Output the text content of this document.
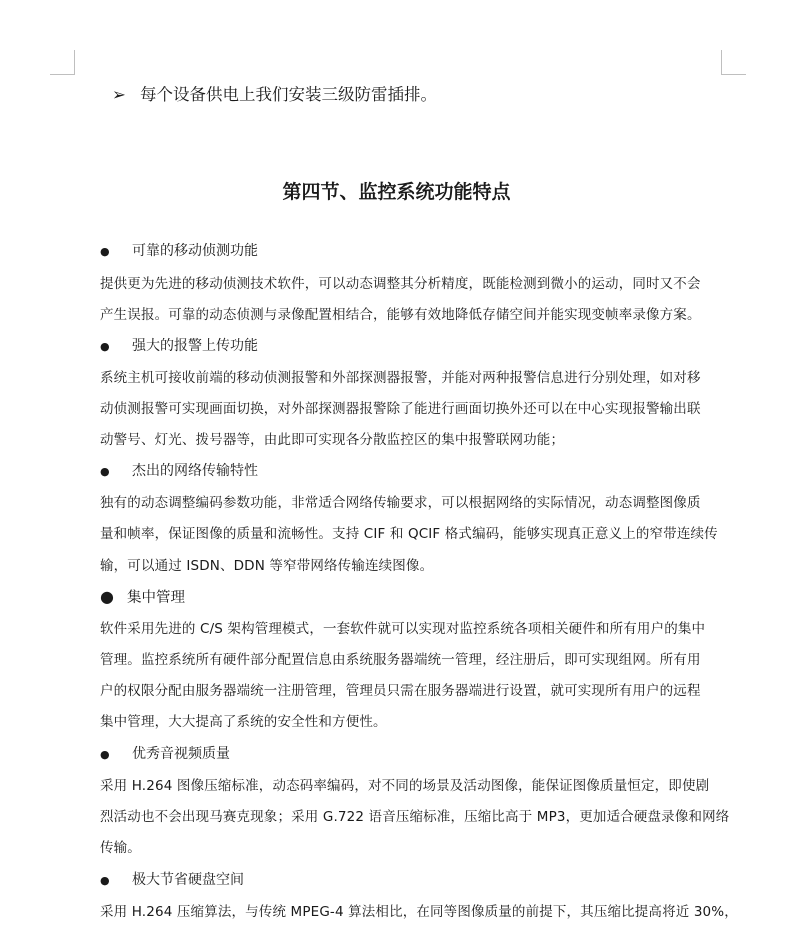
➢ 每个设备供电上我们安装三级防雷插排。
第四节、监控系统功能特点
● 可靠的移动侦测功能
提供更为先进的移动侦测技术软件，可以动态调整其分析精度，既能检测到微小的运动，同时又不会
产生误报。可靠的动态侦测与录像配置相结合，能够有效地降低存储空间并能实现变帧率录像方案。
● 强大的报警上传功能
系统主机可接收前端的移动侦测报警和外部探测器报警，并能对两种报警信息进行分别处理，如对移
动侦测报警可实现画面切换，对外部探测器报警除了能进行画面切换外还可以在中心实现报警输出联
动警号、灯光、拨号器等，由此即可实现各分散监控区的集中报警联网功能；
● 杰出的网络传输特性
独有的动态调整编码参数功能，非常适合网络传输要求，可以根据网络的实际情况，动态调整图像质
量和帧率，保证图像的质量和流畅性。支持 CIF 和 QCIF 格式编码，能够实现真正意义上的窄带连续传
输，可以通过 ISDN、DDN 等窄带网络传输连续图像。
● 集中管理
软件采用先进的 C/S 架构管理模式，一套软件就可以实现对监控系统各项相关硬件和所有用户的集中
管理。监控系统所有硬件部分配置信息由系统服务器端统一管理，经注册后，即可实现组网。所有用
户的权限分配由服务器端统一注册管理，管理员只需在服务器端进行设置，就可实现所有用户的远程
集中管理，大大提高了系统的安全性和方便性。
● 优秀音视频质量
采用 H.264 图像压缩标准，动态码率编码，对不同的场景及活动图像，能保证图像质量恒定，即使剧
烈活动也不会出现马赛克现象；采用 G.722 语音压缩标准，压缩比高于 MP3，更加适合硬盘录像和网络
传输。
● 极大节省硬盘空间
采用 H.264 压缩算法，与传统 MPEG-4 算法相比，在同等图像质量的前提下，其压缩比提高将近 30%，
